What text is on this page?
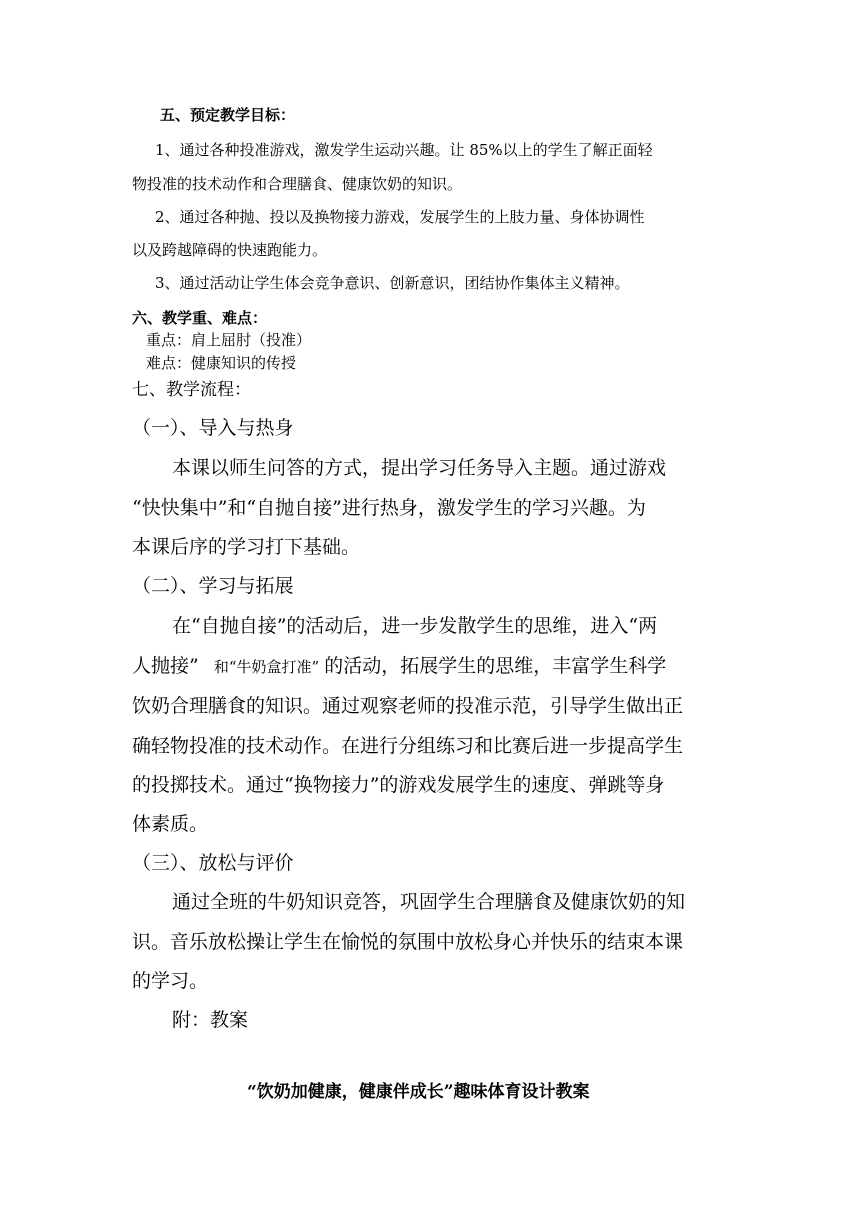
五、预定教学目标：
1、通过各种投准游戏，激发学生运动兴趣。让 85%以上的学生了解正面轻
物投准的技术动作和合理膳食、健康饮奶的知识。
2、通过各种抛、投以及换物接力游戏，发展学生的上肢力量、身体协调性
以及跨越障碍的快速跑能力。
3、通过活动让学生体会竞争意识、创新意识，团结协作集体主义精神。
六、教学重、难点：
重点：肩上屈肘（投准）
难点：健康知识的传授
七、教学流程：
（一）、导入与热身
本课以师生问答的方式，提出学习任务导入主题。通过游戏
“快快集中”和“自抛自接”进行热身，激发学生的学习兴趣。为
本课后序的学习打下基础。
（二）、学习与拓展
在“自抛自接”的活动后，进一步发散学生的思维，进入“两
人抛接” 和“牛奶盒打准” 的活动，拓展学生的思维，丰富学生科学
饮奶合理膳食的知识。通过观察老师的投准示范，引导学生做出正
确轻物投准的技术动作。在进行分组练习和比赛后进一步提高学生
的投掷技术。通过“换物接力”的游戏发展学生的速度、弹跳等身
体素质。
（三）、放松与评价
通过全班的牛奶知识竞答，巩固学生合理膳食及健康饮奶的知
识。音乐放松操让学生在愉悦的氛围中放松身心并快乐的结束本课
的学习。
附：教案
“饮奶加健康，健康伴成长”趣味体育设计教案
